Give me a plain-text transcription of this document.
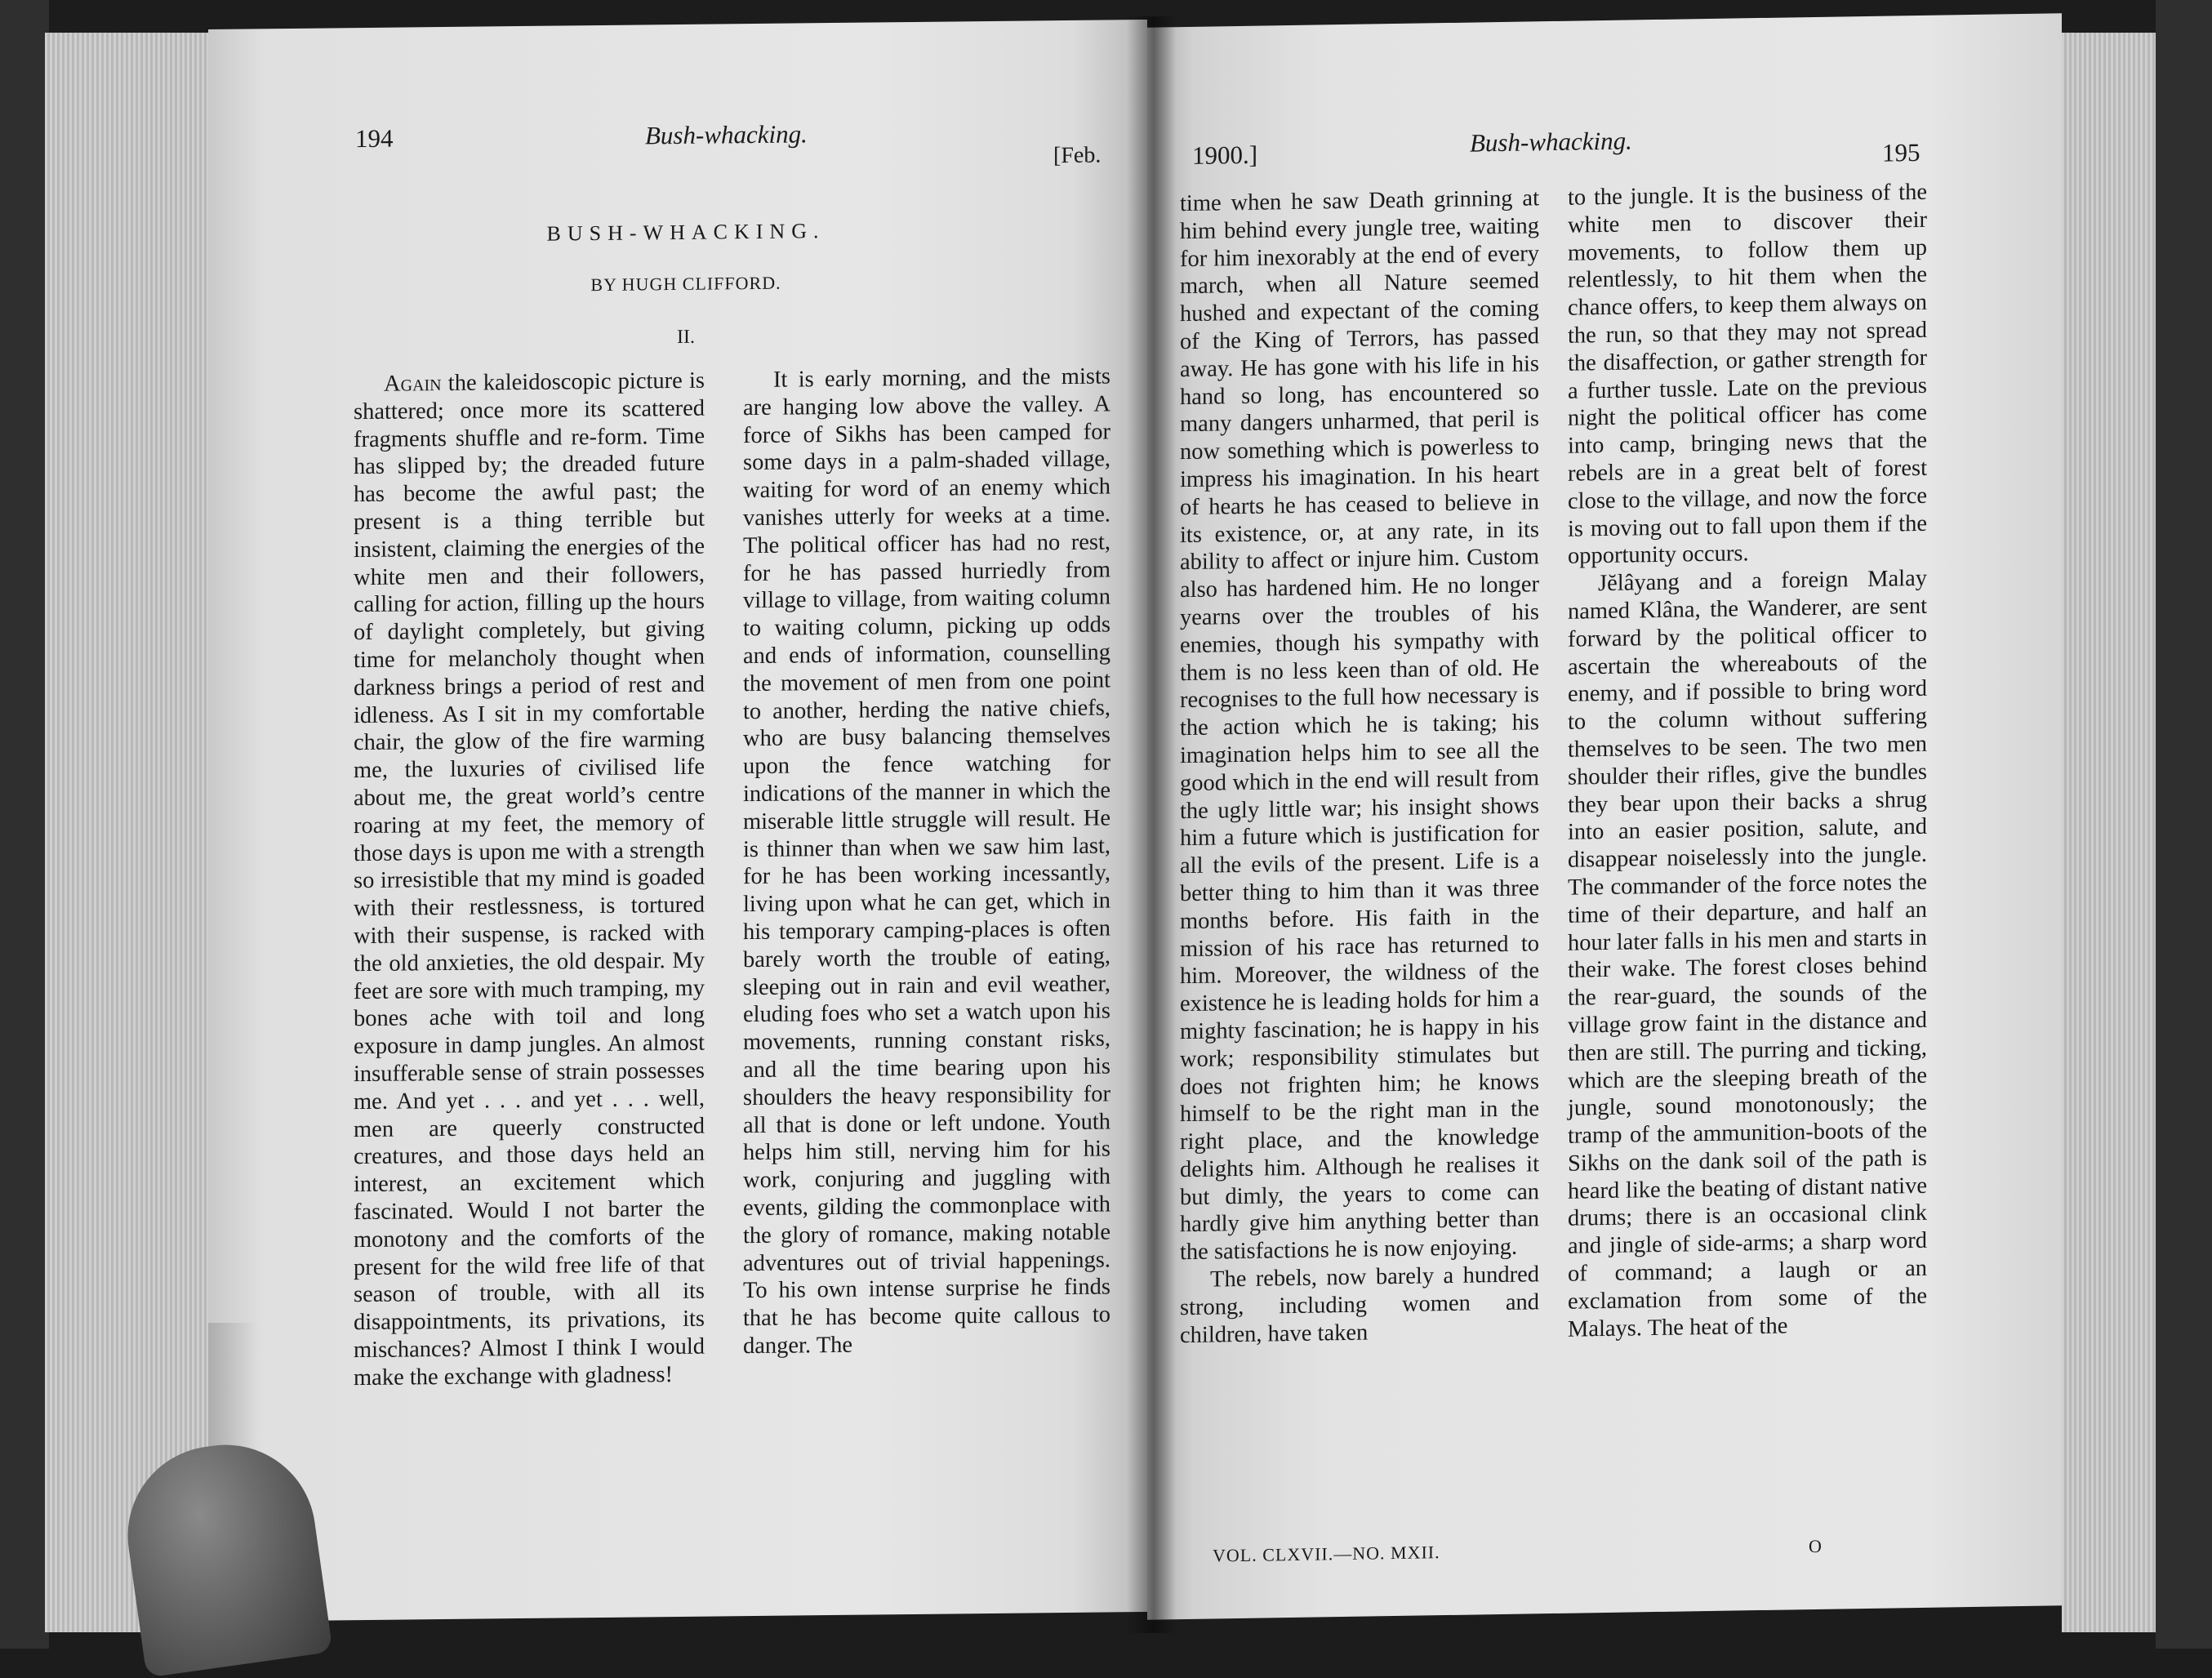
194	Bush-whacking.
[Feb.
BUSH-WHACKING.
BY HUGH CLIFFORD.
II.

Again the kaleidoscopic picture is shattered; once more its scattered fragments shuffle and re-form. Time has slipped by; the dreaded future has become the awful past; the present is a thing terrible but insistent, claiming the energies of the white men and their followers, calling for action, filling up the hours of daylight completely, but giving time for melancholy thought when darkness brings a period of rest and idleness. As I sit in my comfortable chair, the glow of the fire warming me, the luxuries of civilised life about me, the great world’s centre roaring at my feet, the memory of those days is upon me with a strength so irresistible that my mind is goaded with their restlessness, is tortured with their suspense, is racked with the old anxieties, the old despair. My feet are sore with much tramping, my bones ache with toil and long exposure in damp jungles. An almost insufferable sense of strain possesses me. And yet . . . and yet . . . well, men are queerly constructed creatures, and those days held an interest, an excitement which fascinated. Would I not barter the monotony and the comforts of the present for the wild free life of that season of trouble, with all its disappointments, its privations, its mischances? Almost I think I would make the exchange with gladness!

It is early morning, and the mists are hanging low above the valley. A force of Sikhs has been camped for some days in a palm-shaded village, waiting for word of an enemy which vanishes utterly for weeks at a time. The political officer has had no rest, for he has passed hurriedly from village to village, from waiting column to waiting column, picking up odds and ends of information, counselling the movement of men from one point to another, herding the native chiefs, who are busy balancing themselves upon the fence watching for indications of the manner in which the miserable little struggle will result. He is thinner than when we saw him last, for he has been working incessantly, living upon what he can get, which in his temporary camping-places is often barely worth the trouble of eating, sleeping out in rain and evil weather, eluding foes who set a watch upon his movements, running constant risks, and all the time bearing upon his shoulders the heavy responsibility for all that is done or left undone. Youth helps him still, nerving him for his work, conjuring and juggling with events, gilding the commonplace with the glory of romance, making notable adventures out of trivial happenings. To his own intense surprise he finds that he has become quite callous to danger. The

1900.]	Bush-whacking.	195

time when he saw Death grinning at him behind every jungle tree, waiting for him inexorably at the end of every march, when all Nature seemed hushed and expectant of the coming of the King of Terrors, has passed away. He has gone with his life in his hand so long, has encountered so many dangers unharmed, that peril is now something which is powerless to impress his imagination. In his heart of hearts he has ceased to believe in its existence, or, at any rate, in its ability to affect or injure him. Custom also has hardened him. He no longer yearns over the troubles of his enemies, though his sympathy with them is no less keen than of old. He recognises to the full how necessary is the action which he is taking; his imagination helps him to see all the good which in the end will result from the ugly little war; his insight shows him a future which is justification for all the evils of the present. Life is a better thing to him than it was three months before. His faith in the mission of his race has returned to him. Moreover, the wildness of the existence he is leading holds for him a mighty fascination; he is happy in his work; responsibility stimulates but does not frighten him; he knows himself to be the right man in the right place, and the knowledge delights him. Although he realises it but dimly, the years to come can hardly give him anything better than the satisfactions he is now enjoying.

The rebels, now barely a hundred strong, including women and children, have taken

to the jungle. It is the business of the white men to discover their movements, to follow them up relentlessly, to hit them when the chance offers, to keep them always on the run, so that they may not spread the disaffection, or gather strength for a further tussle. Late on the previous night the political officer has come into camp, bringing news that the rebels are in a great belt of forest close to the village, and now the force is moving out to fall upon them if the opportunity occurs.

Jĕlâyang and a foreign Malay named Klâna, the Wanderer, are sent forward by the political officer to ascertain the whereabouts of the enemy, and if possible to bring word to the column without suffering themselves to be seen. The two men shoulder their rifles, give the bundles they bear upon their backs a shrug into an easier position, salute, and disappear noiselessly into the jungle. The commander of the force notes the time of their departure, and half an hour later falls in his men and starts in their wake. The forest closes behind the rear-guard, the sounds of the village grow faint in the distance and then are still. The purring and ticking, which are the sleeping breath of the jungle, sound monotonously; the tramp of the ammunition-boots of the Sikhs on the dank soil of the path is heard like the beating of distant native drums; there is an occasional clink and jingle of side-arms; a sharp word of command; a laugh or an exclamation from some of the Malays. The heat of the

VOL. CLXVII.—NO. MXII.	O
